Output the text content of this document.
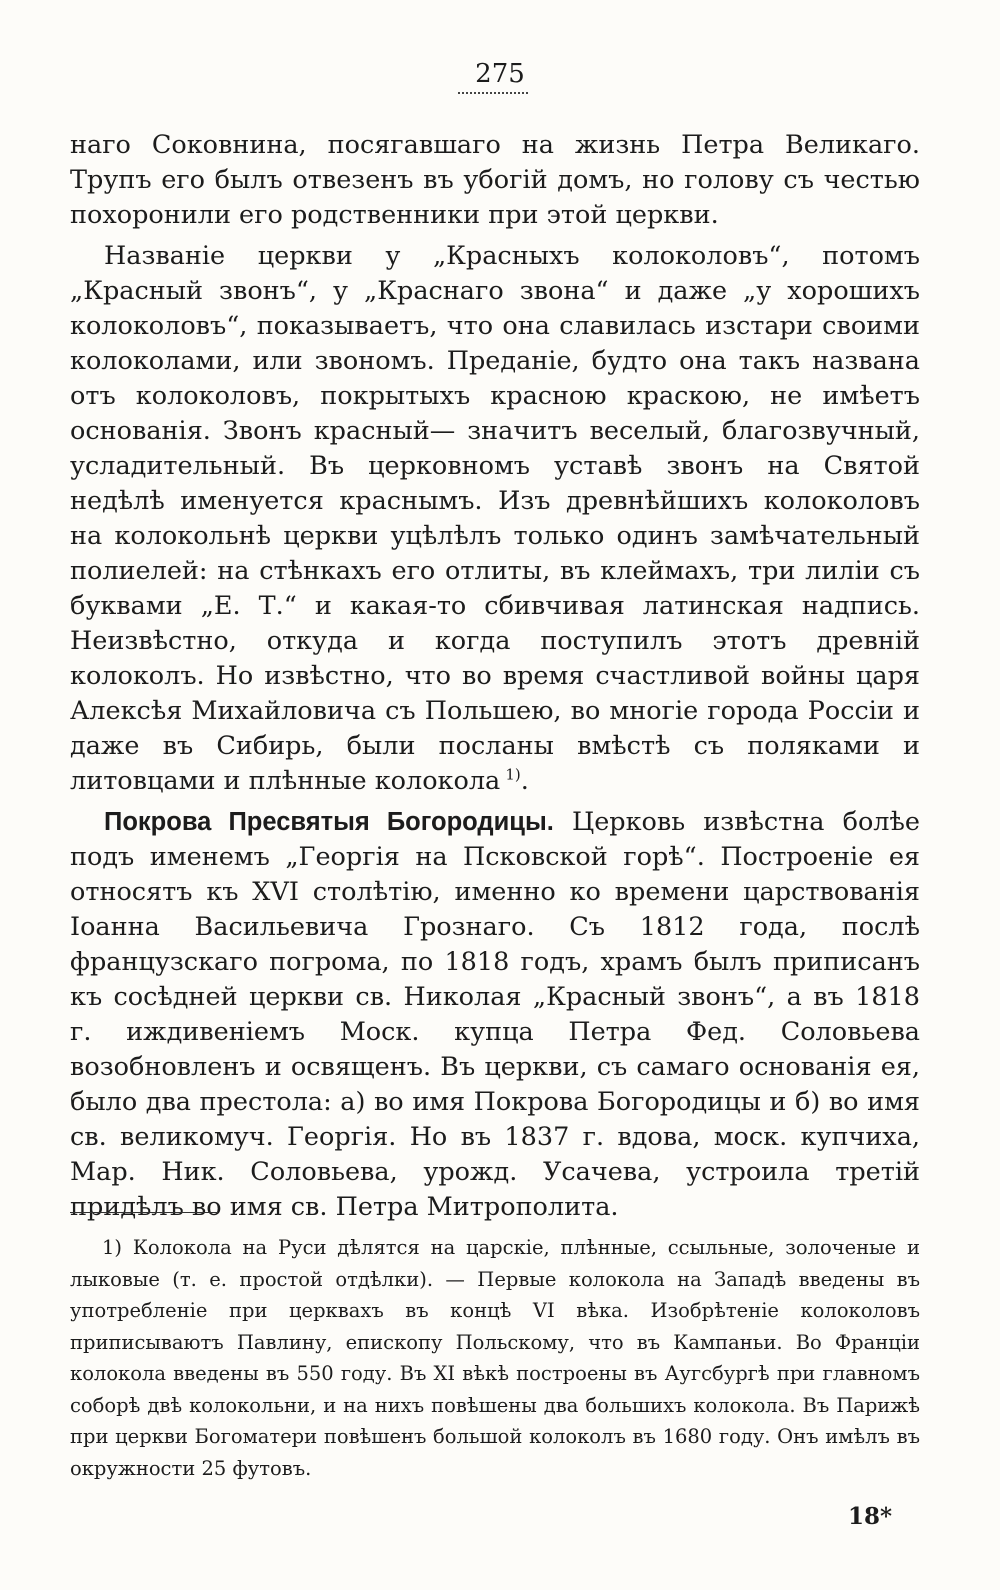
275

наго Соковнина, посягавшаго на жизнь Петра Великаго. Трупъ его былъ отвезенъ въ убогій домъ, но голову съ честью похоронили его родственники при этой церкви.

Названіе церкви у „Красныхъ колоколовъ“, потомъ „Красный звонъ“, у „Краснаго звона“ и даже „у хорошихъ колоколовъ“, показываетъ, что она славилась изстари своими колоколами, или звономъ. Преданіе, будто она такъ названа отъ колоколовъ, покрытыхъ красною краскою, не имѣетъ основанія. Звонъ красный— значитъ веселый, благозвучный, усладительный. Въ церковномъ уставѣ звонъ на Святой недѣлѣ именуется краснымъ. Изъ древнѣйшихъ колоколовъ на колокольнѣ церкви уцѣлѣлъ только одинъ замѣчательный полиелей: на стѣнкахъ его отлиты, въ клеймахъ, три лиліи съ буквами „Е. Т.“ и какая-то сбивчивая латинская надпись. Неизвѣстно, откуда и когда поступилъ этотъ древній колоколъ. Но извѣстно, что во время счастливой войны царя Алексѣя Михайловича съ Польшею, во многіе города Россіи и даже въ Сибирь, были посланы вмѣстѣ съ поляками и литовцами и плѣнные колокола  $^{1)}$.

Покрова Пресвятыя Богородицы. Церковь извѣстна болѣе подъ именемъ „Георгія на Псковской горѣ“. Построеніе ея относятъ къ XVI столѣтію, именно ко времени царствованія Іоанна Васильевича Грознаго. Съ 1812 года, послѣ французскаго погрома, по 1818 годъ, храмъ былъ приписанъ къ сосѣдней церкви св. Николая „Красный звонъ“, а въ 1818 г. иждивеніемъ Моск. купца Петра Фед. Соловьева возобновленъ и освященъ. Въ церкви, съ самаго основанія ея, было два престола: а) во имя Покрова Богородицы и б) во имя св. великомуч. Георгія. Но въ 1837 г. вдова, моск. купчиха, Мар. Ник. Соловьева, урожд. Усачева, устроила третій придѣлъ во имя св. Петра Митрополита.

1) Колокола на Руси дѣлятся на царскіе, плѣнные, ссыльные, золоченые и лыковые (т. е. простой отдѣлки). — Первые колокола на Западѣ введены въ употребленіе при церквахъ въ концѣ VI вѣка. Изобрѣтеніе колоколовъ приписываютъ Павлину, епископу Польскому, что въ Кампаньи. Во Франціи колокола введены въ 550 году. Въ XI вѣкѣ построены въ Аугсбургѣ при главномъ соборѣ двѣ колокольни, и на нихъ повѣшены два большихъ колокола. Въ Парижѣ при церкви Богоматери повѣшенъ большой колоколъ въ 1680 году. Онъ имѣлъ въ окружности 25 футовъ.

18*
